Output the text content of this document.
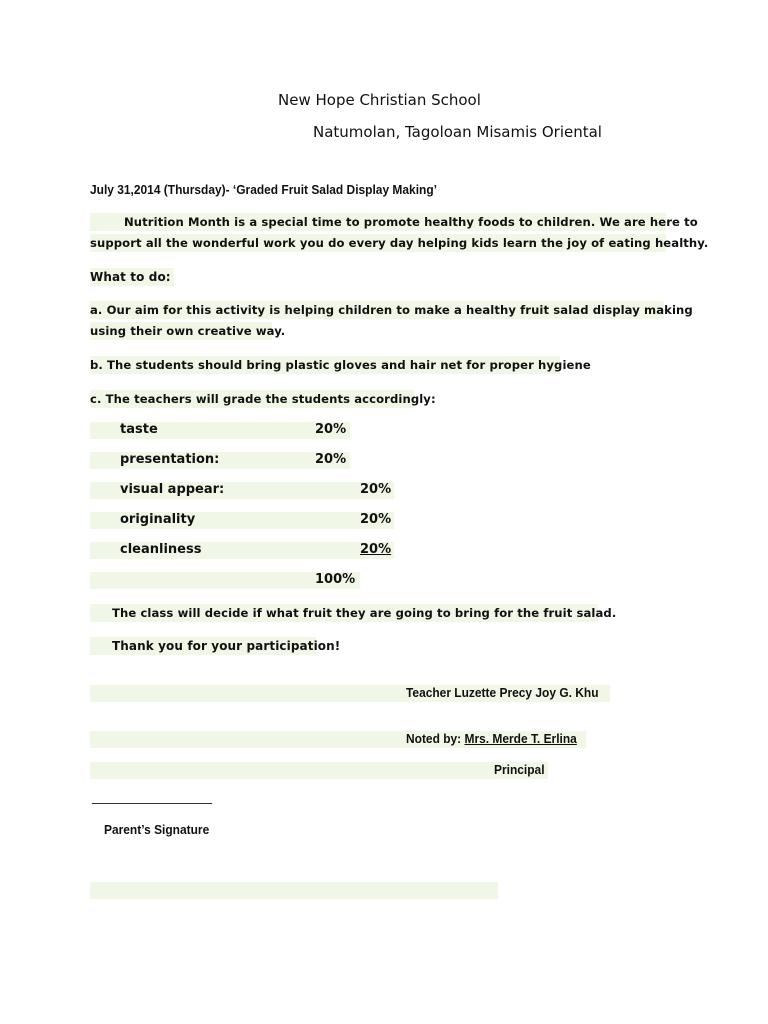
New Hope Christian School
Natumolan, Tagoloan Misamis Oriental
July 31,2014 (Thursday)- ‘Graded Fruit Salad Display Making’
Nutrition Month is a special time to promote healthy foods to children. We are here to
support all the wonderful work you do every day helping kids learn the joy of eating healthy.
What to do:
a. Our aim for this activity is helping children to make a healthy fruit salad display making
using their own creative way.
b. The students should bring plastic gloves and hair net for proper hygiene
c. The teachers will grade the students accordingly:
taste	20%
presentation:	20%
visual appear:	20%
originality	20%
cleanliness	20%
100%
The class will decide if what fruit they are going to bring for the fruit salad.
Thank you for your participation!
Teacher Luzette Precy Joy G. Khu
Noted by: Mrs. Merde T. Erlina
Principal
____________________
Parent’s Signature
